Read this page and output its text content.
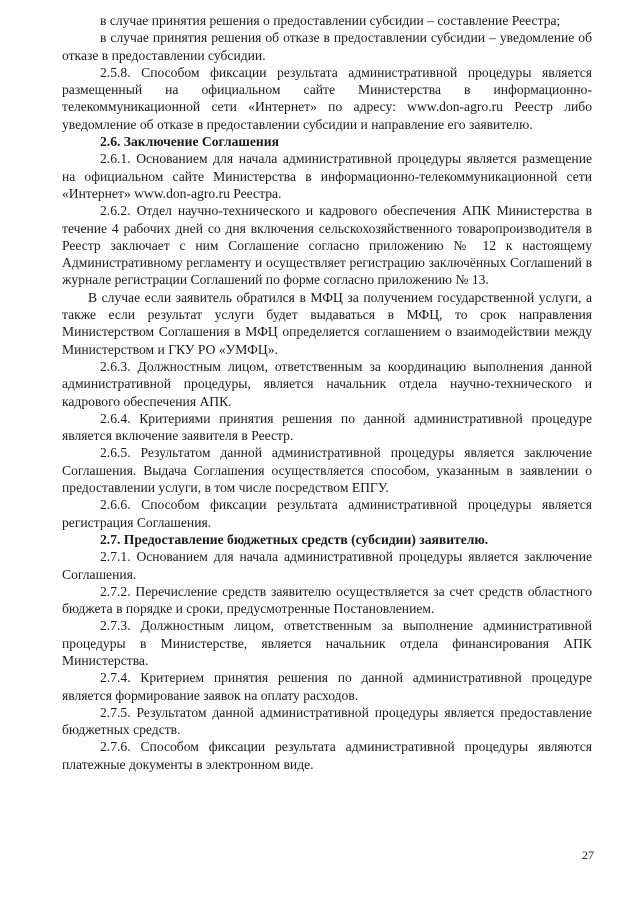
в случае принятия решения о предоставлении субсидии – составление Реестра;

в случае принятия решения об отказе в предоставлении субсидии – уведомление об отказе в предоставлении субсидии.

2.5.8. Способом фиксации результата административной процедуры является размещенный на официальном сайте Министерства в информационно-телекоммуникационной сети «Интернет» по адресу: www.don-agro.ru Реестр либо уведомление об отказе в предоставлении субсидии и направление его заявителю.

2.6. Заключение Соглашения

2.6.1. Основанием для начала административной процедуры является размещение на официальном сайте Министерства в информационно-телекоммуникационной сети «Интернет» www.don-agro.ru Реестра.

2.6.2. Отдел научно-технического и кадрового обеспечения АПК Министерства в течение 4 рабочих дней со дня включения сельскохозяйственного товаропроизводителя в Реестр заключает с ним Соглашение согласно приложению № 12 к настоящему Административному регламенту и осуществляет регистрацию заключённых Соглашений в журнале регистрации Соглашений по форме согласно приложению № 13.

В случае если заявитель обратился в МФЦ за получением государственной услуги, а также если результат услуги будет выдаваться в МФЦ, то срок направления Министерством Соглашения в МФЦ определяется соглашением о взаимодействии между Министерством и ГКУ РО «УМФЦ».

2.6.3. Должностным лицом, ответственным за координацию выполнения данной административной процедуры, является начальник отдела научно-технического и кадрового обеспечения АПК.

2.6.4. Критериями принятия решения по данной административной процедуре является включение заявителя в Реестр.

2.6.5. Результатом данной административной процедуры является заключение Соглашения. Выдача Соглашения осуществляется способом, указанным в заявлении о предоставлении услуги, в том числе посредством ЕПГУ.

2.6.6. Способом фиксации результата административной процедуры является регистрация Соглашения.

2.7. Предоставление бюджетных средств (субсидии) заявителю.

2.7.1. Основанием для начала административной процедуры является заключение Соглашения.

2.7.2. Перечисление средств заявителю осуществляется за счет средств областного бюджета в порядке и сроки, предусмотренные Постановлением.

2.7.3. Должностным лицом, ответственным за выполнение административной процедуры в Министерстве, является начальник отдела финансирования АПК Министерства.

2.7.4. Критерием принятия решения по данной административной процедуре является формирование заявок на оплату расходов.

2.7.5. Результатом данной административной процедуры является предоставление бюджетных средств.

2.7.6. Способом фиксации результата административной процедуры являются платежные документы в электронном виде.

27
